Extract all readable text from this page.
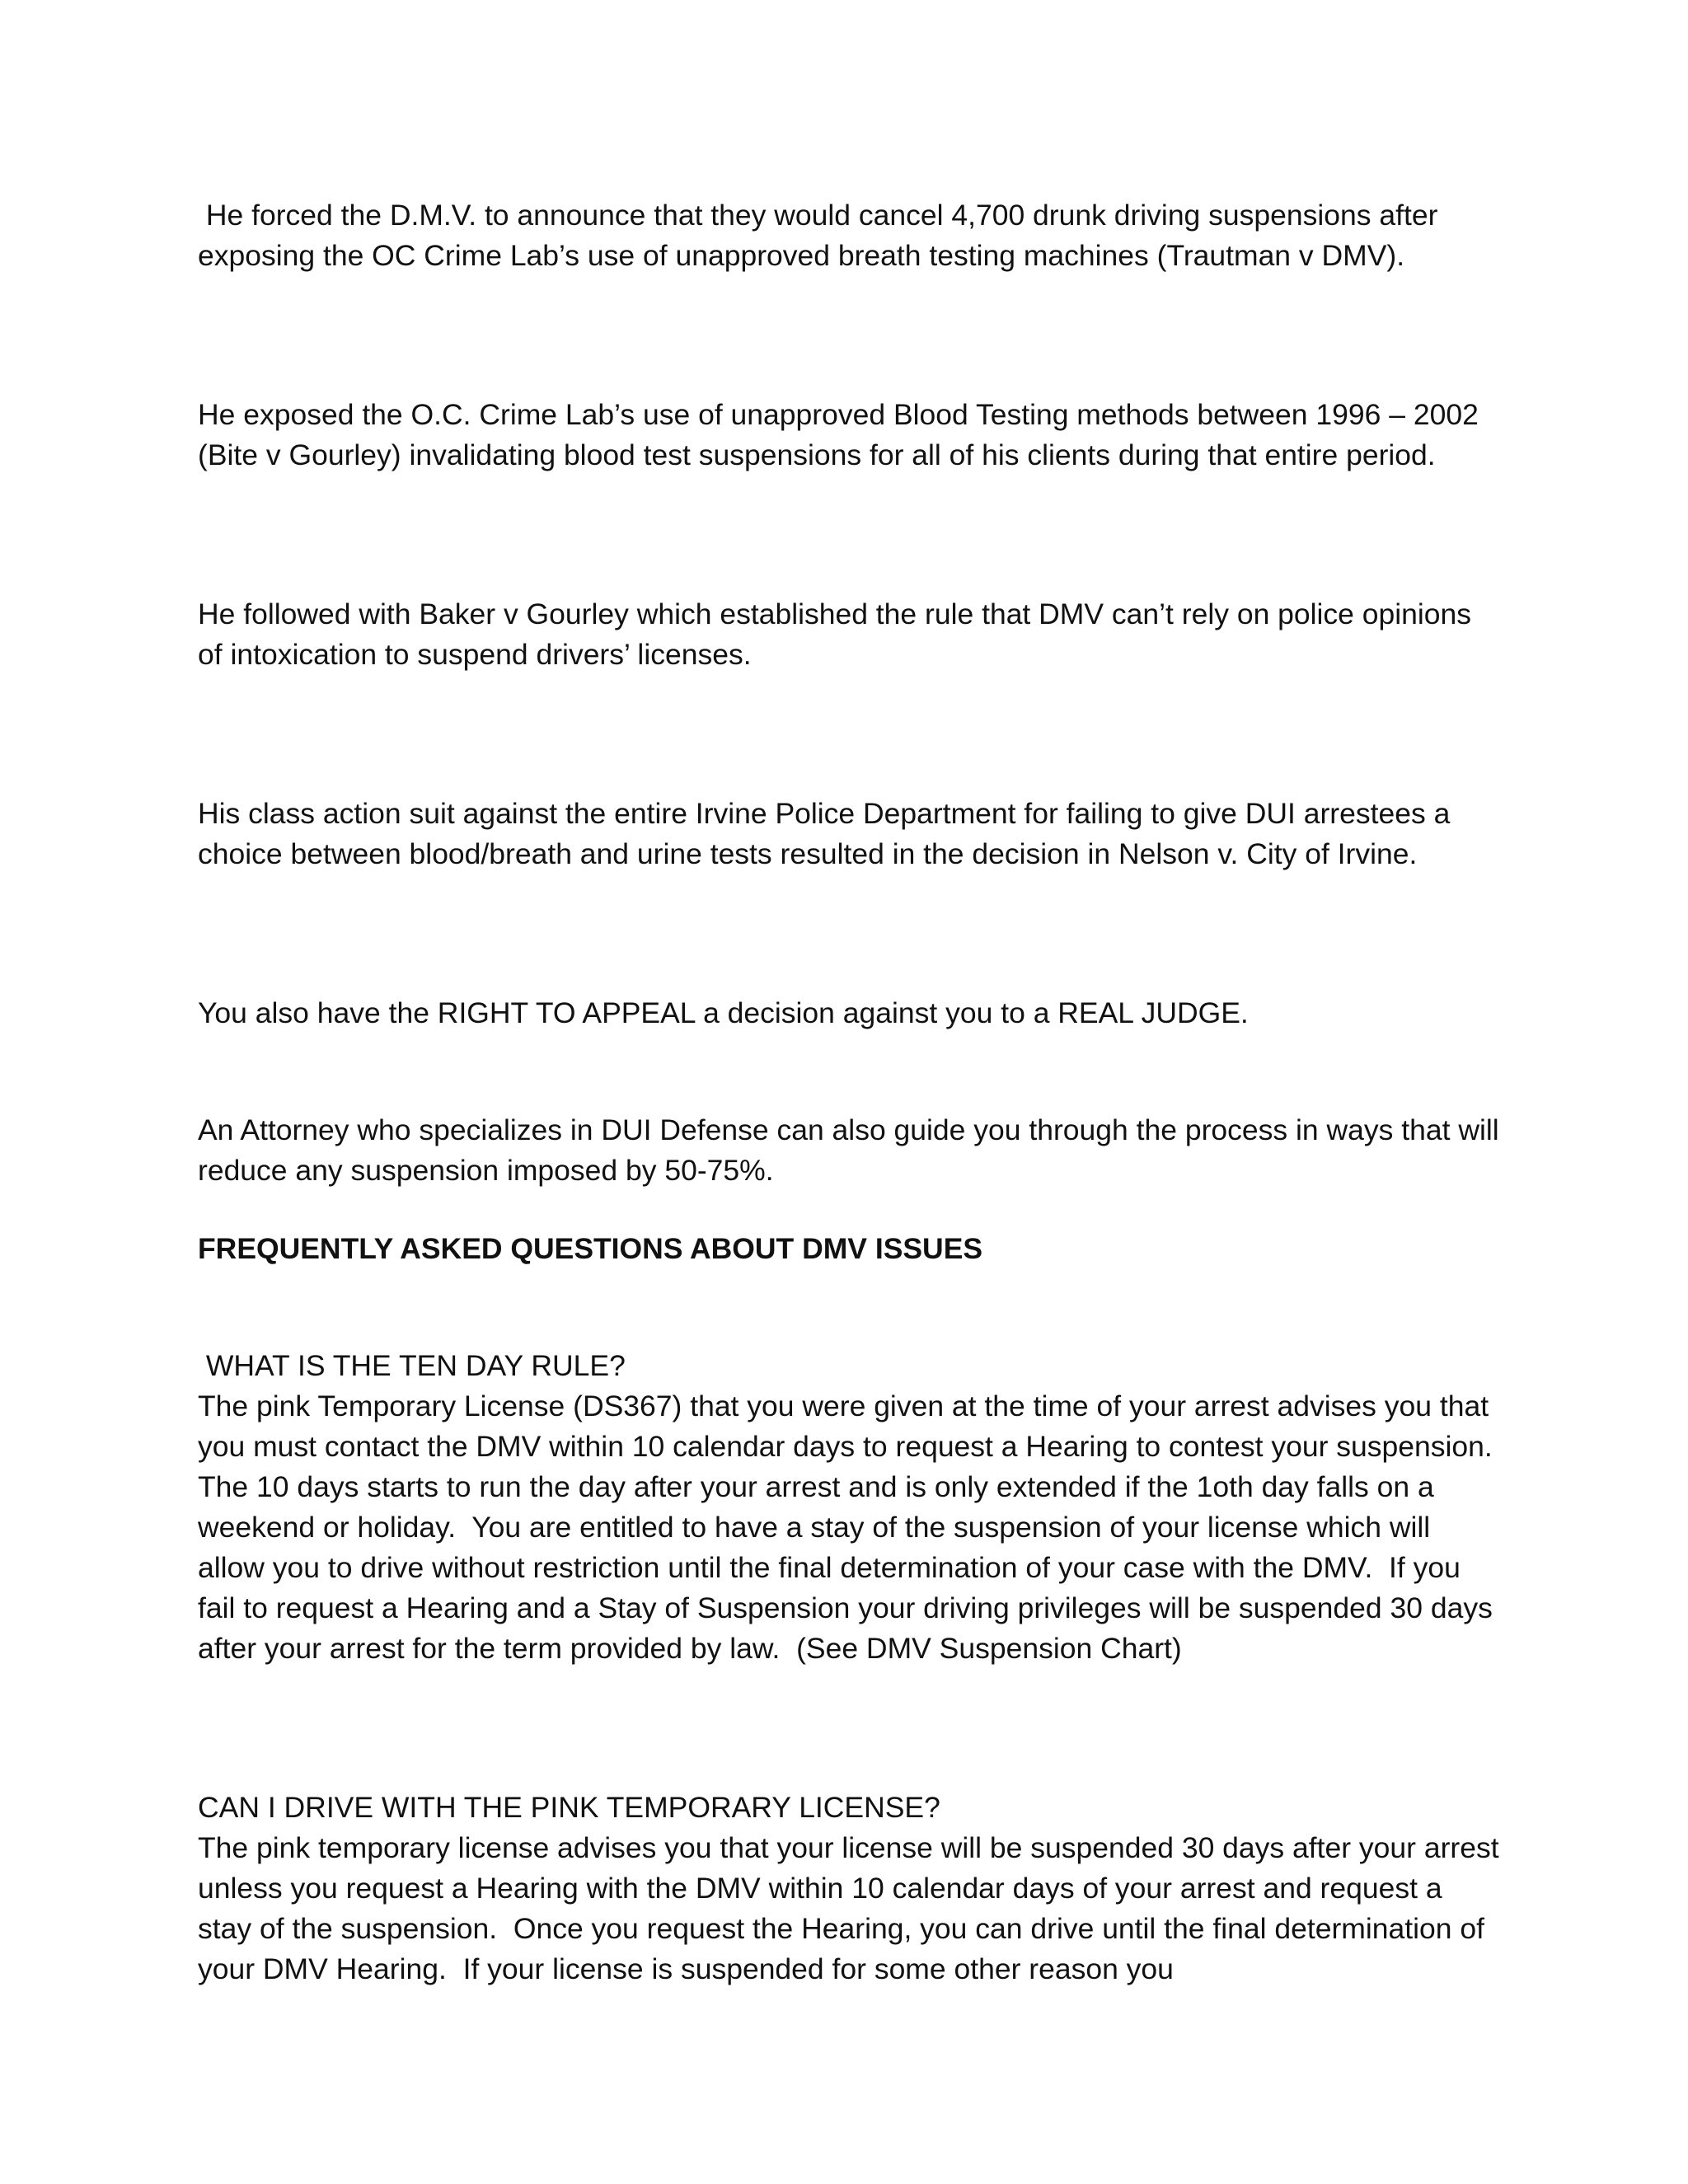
He forced the D.M.V. to announce that they would cancel 4,700 drunk driving suspensions after exposing the OC Crime Lab’s use of unapproved breath testing machines (Trautman v DMV).

He exposed the O.C. Crime Lab’s use of unapproved Blood Testing methods between 1996 – 2002 (Bite v Gourley) invalidating blood test suspensions for all of his clients during that entire period.

He followed with Baker v Gourley which established the rule that DMV can’t rely on police opinions of intoxication to suspend drivers’ licenses.

His class action suit against the entire Irvine Police Department for failing to give DUI arrestees a choice between blood/breath and urine tests resulted in the decision in Nelson v. City of Irvine.

You also have the RIGHT TO APPEAL a decision against you to a REAL JUDGE.

An Attorney who specializes in DUI Defense can also guide you through the process in ways that will reduce any suspension imposed by 50-75%.

FREQUENTLY ASKED QUESTIONS ABOUT DMV ISSUES

WHAT IS THE TEN DAY RULE?

The pink Temporary License (DS367) that you were given at the time of your arrest advises you that you must contact the DMV within 10 calendar days to request a Hearing to contest your suspension.  The 10 days starts to run the day after your arrest and is only extended if the 1oth day falls on a weekend or holiday.  You are entitled to have a stay of the suspension of your license which will allow you to drive without restriction until the final determination of your case with the DMV.  If you fail to request a Hearing and a Stay of Suspension your driving privileges will be suspended 30 days after your arrest for the term provided by law.  (See DMV Suspension Chart)

CAN I DRIVE WITH THE PINK TEMPORARY LICENSE?

The pink temporary license advises you that your license will be suspended 30 days after your arrest unless you request a Hearing with the DMV within 10 calendar days of your arrest and request a stay of the suspension.  Once you request the Hearing, you can drive until the final determination of your DMV Hearing.  If your license is suspended for some other reason you
